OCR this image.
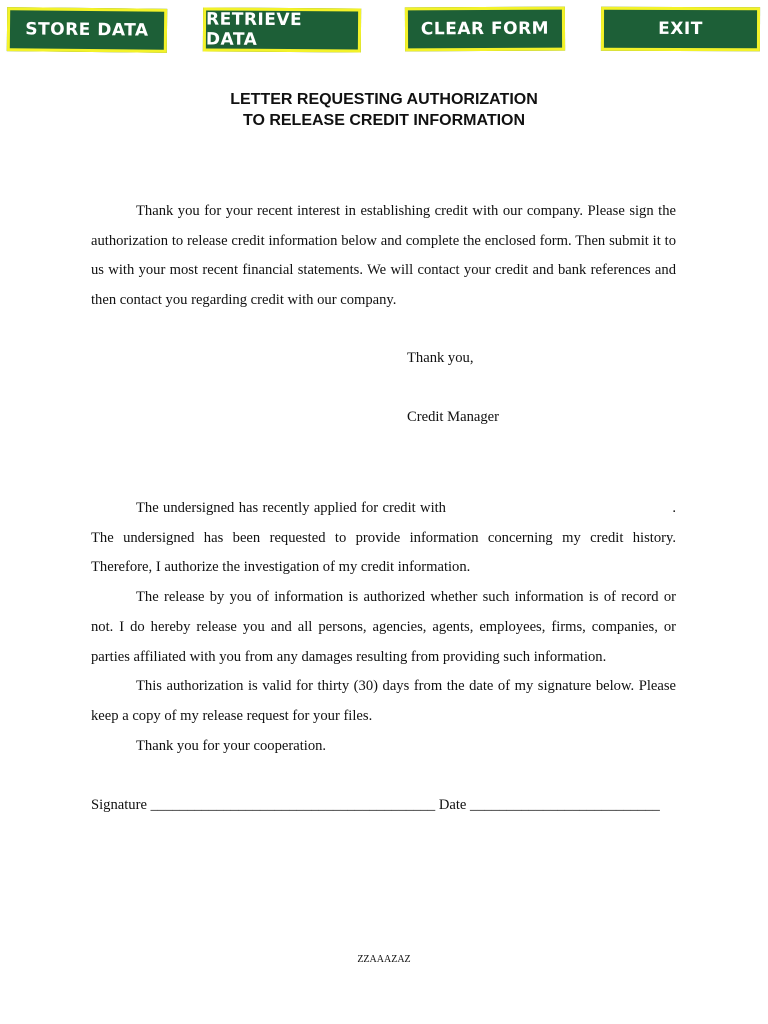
STORE DATA	RETRIEVE DATA
CLEAR FORM	EXIT
LETTER REQUESTING AUTHORIZATION
TO RELEASE CREDIT INFORMATION
Thank you for your recent interest in establishing credit with our company. Please sign the authorization to release credit information below and complete the enclosed form. Then submit it to us with your most recent financial statements. We will contact your credit and bank references and then contact you regarding credit with our company.
Thank you,
Credit Manager

The undersigned has recently applied for credit with	. The undersigned has been requested to provide information concerning my credit history. Therefore, I authorize the investigation of my credit information.

The release by you of information is authorized whether such information is of record or not. I do hereby release you and all persons, agencies, agents, employees, firms, companies, or parties affiliated with you from any damages resulting from providing such information.

This authorization is valid for thirty (30) days from the date of my signature below. Please keep a copy of my release request for your files.

Thank you for your cooperation.

Signature _______________________________________ Date __________________________
ZZAAAZAZ
